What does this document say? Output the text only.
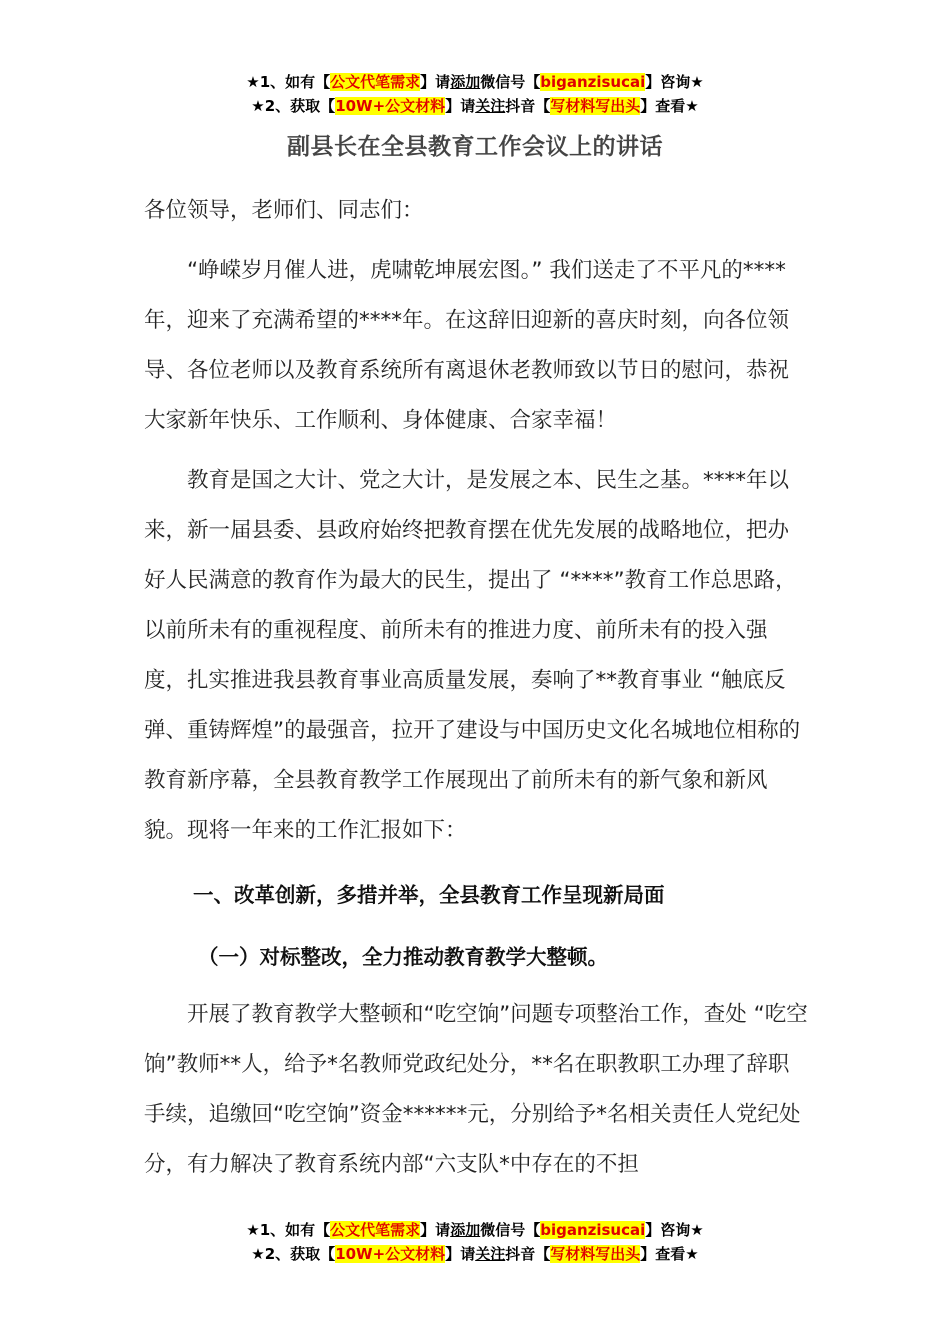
★1、如有【公文代笔需求】请添加微信号【biganzisucai】咨询★
★2、获取【10W+公文材料】请关注抖音【写材料写出头】查看★
副县长在全县教育工作会议上的讲话
各位领导，老师们、同志们：

“峥嵘岁月催人进，虎啸乾坤展宏图。” 我们送走了不平凡的****年，迎来了充满希望的****年。在这辞旧迎新的喜庆时刻，向各位领导、各位老师以及教育系统所有离退休老教师致以节日的慰问，恭祝大家新年快乐、工作顺利、身体健康、合家幸福！

教育是国之大计、党之大计，是发展之本、民生之基。****年以来，新一届县委、县政府始终把教育摆在优先发展的战略地位，把办好人民满意的教育作为最大的民生，提出了 “****”教育工作总思路，以前所未有的重视程度、前所未有的推进力度、前所未有的投入强度，扎实推进我县教育事业高质量发展，奏响了**教育事业 “触底反弹、重铸辉煌”的最强音，拉开了建设与中国历史文化名城地位相称的教育新序幕，全县教育教学工作展现出了前所未有的新气象和新风貌。现将一年来的工作汇报如下：

一、改革创新，多措并举，全县教育工作呈现新局面
（一）对标整改，全力推动教育教学大整顿。

开展了教育教学大整顿和“吃空饷”问题专项整治工作，查处 “吃空饷”教师**人，给予*名教师党政纪处分，**名在职教职工办理了辞职手续，追缴回“吃空饷”资金******元，分别给予*名相关责任人党纪处分，有力解决了教育系统内部“六支队*中存在的不担

★1、如有【公文代笔需求】请添加微信号【biganzisucai】咨询★
★2、获取【10W+公文材料】请关注抖音【写材料写出头】查看★
